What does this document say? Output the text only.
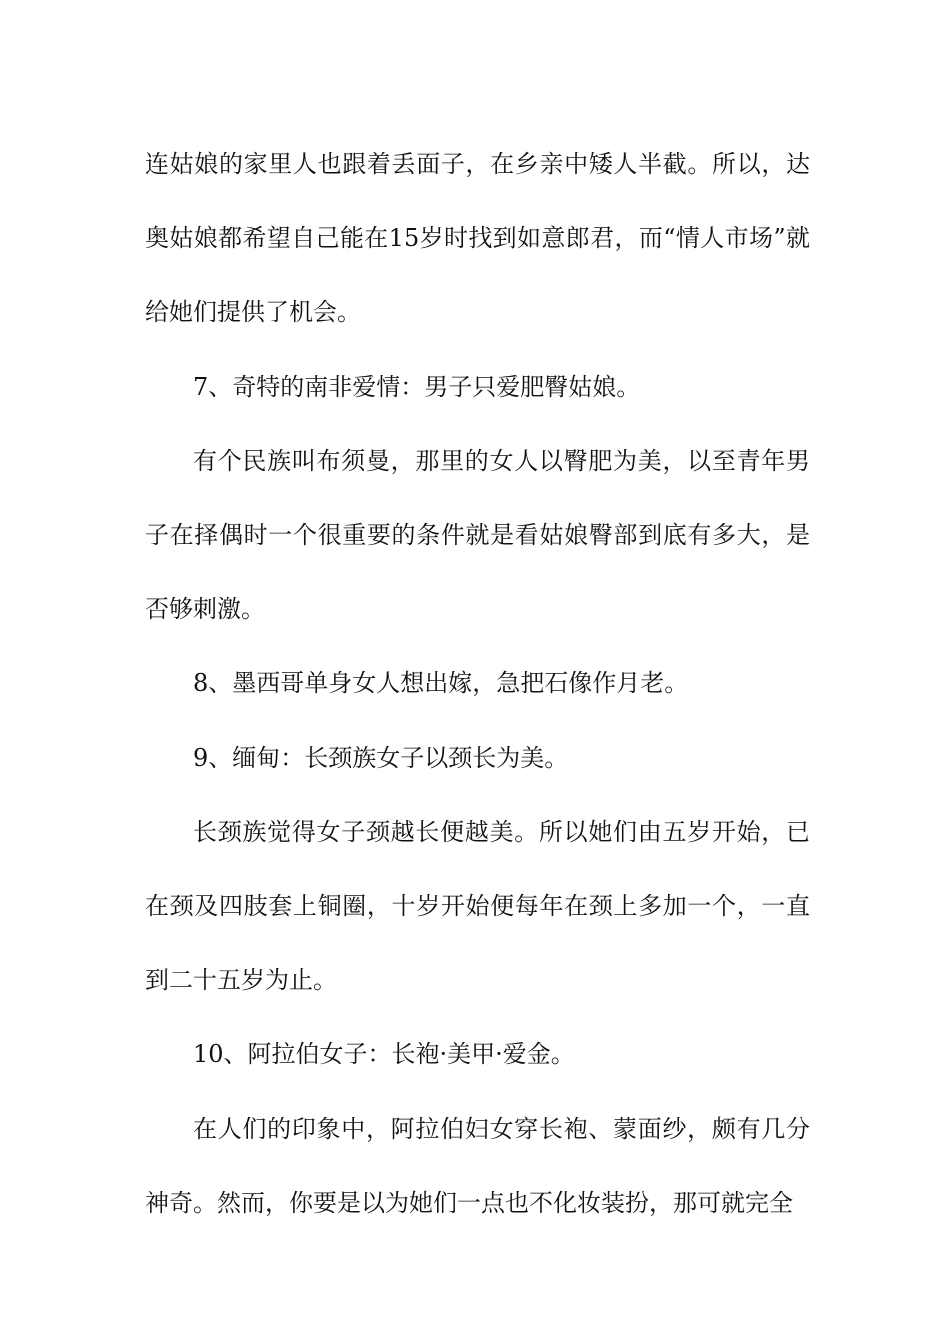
连姑娘的家里人也跟着丢面子，在乡亲中矮人半截。所以，达奥姑娘都希望自己能在15岁时找到如意郎君，而“情人市场”就给她们提供了机会。

7、奇特的南非爱情：男子只爱肥臀姑娘。

有个民族叫布须曼，那里的女人以臀肥为美，以至青年男子在择偶时一个很重要的条件就是看姑娘臀部到底有多大，是否够刺激。

8、墨西哥单身女人想出嫁，急把石像作月老。

9、缅甸：长颈族女子以颈长为美。

长颈族觉得女子颈越长便越美。所以她们由五岁开始，已在颈及四肢套上铜圈，十岁开始便每年在颈上多加一个，一直到二十五岁为止。

10、阿拉伯女子：长袍·美甲·爱金。

在人们的印象中，阿拉伯妇女穿长袍、蒙面纱，颇有几分神奇。然而，你要是以为她们一点也不化妆装扮，那可就完全
